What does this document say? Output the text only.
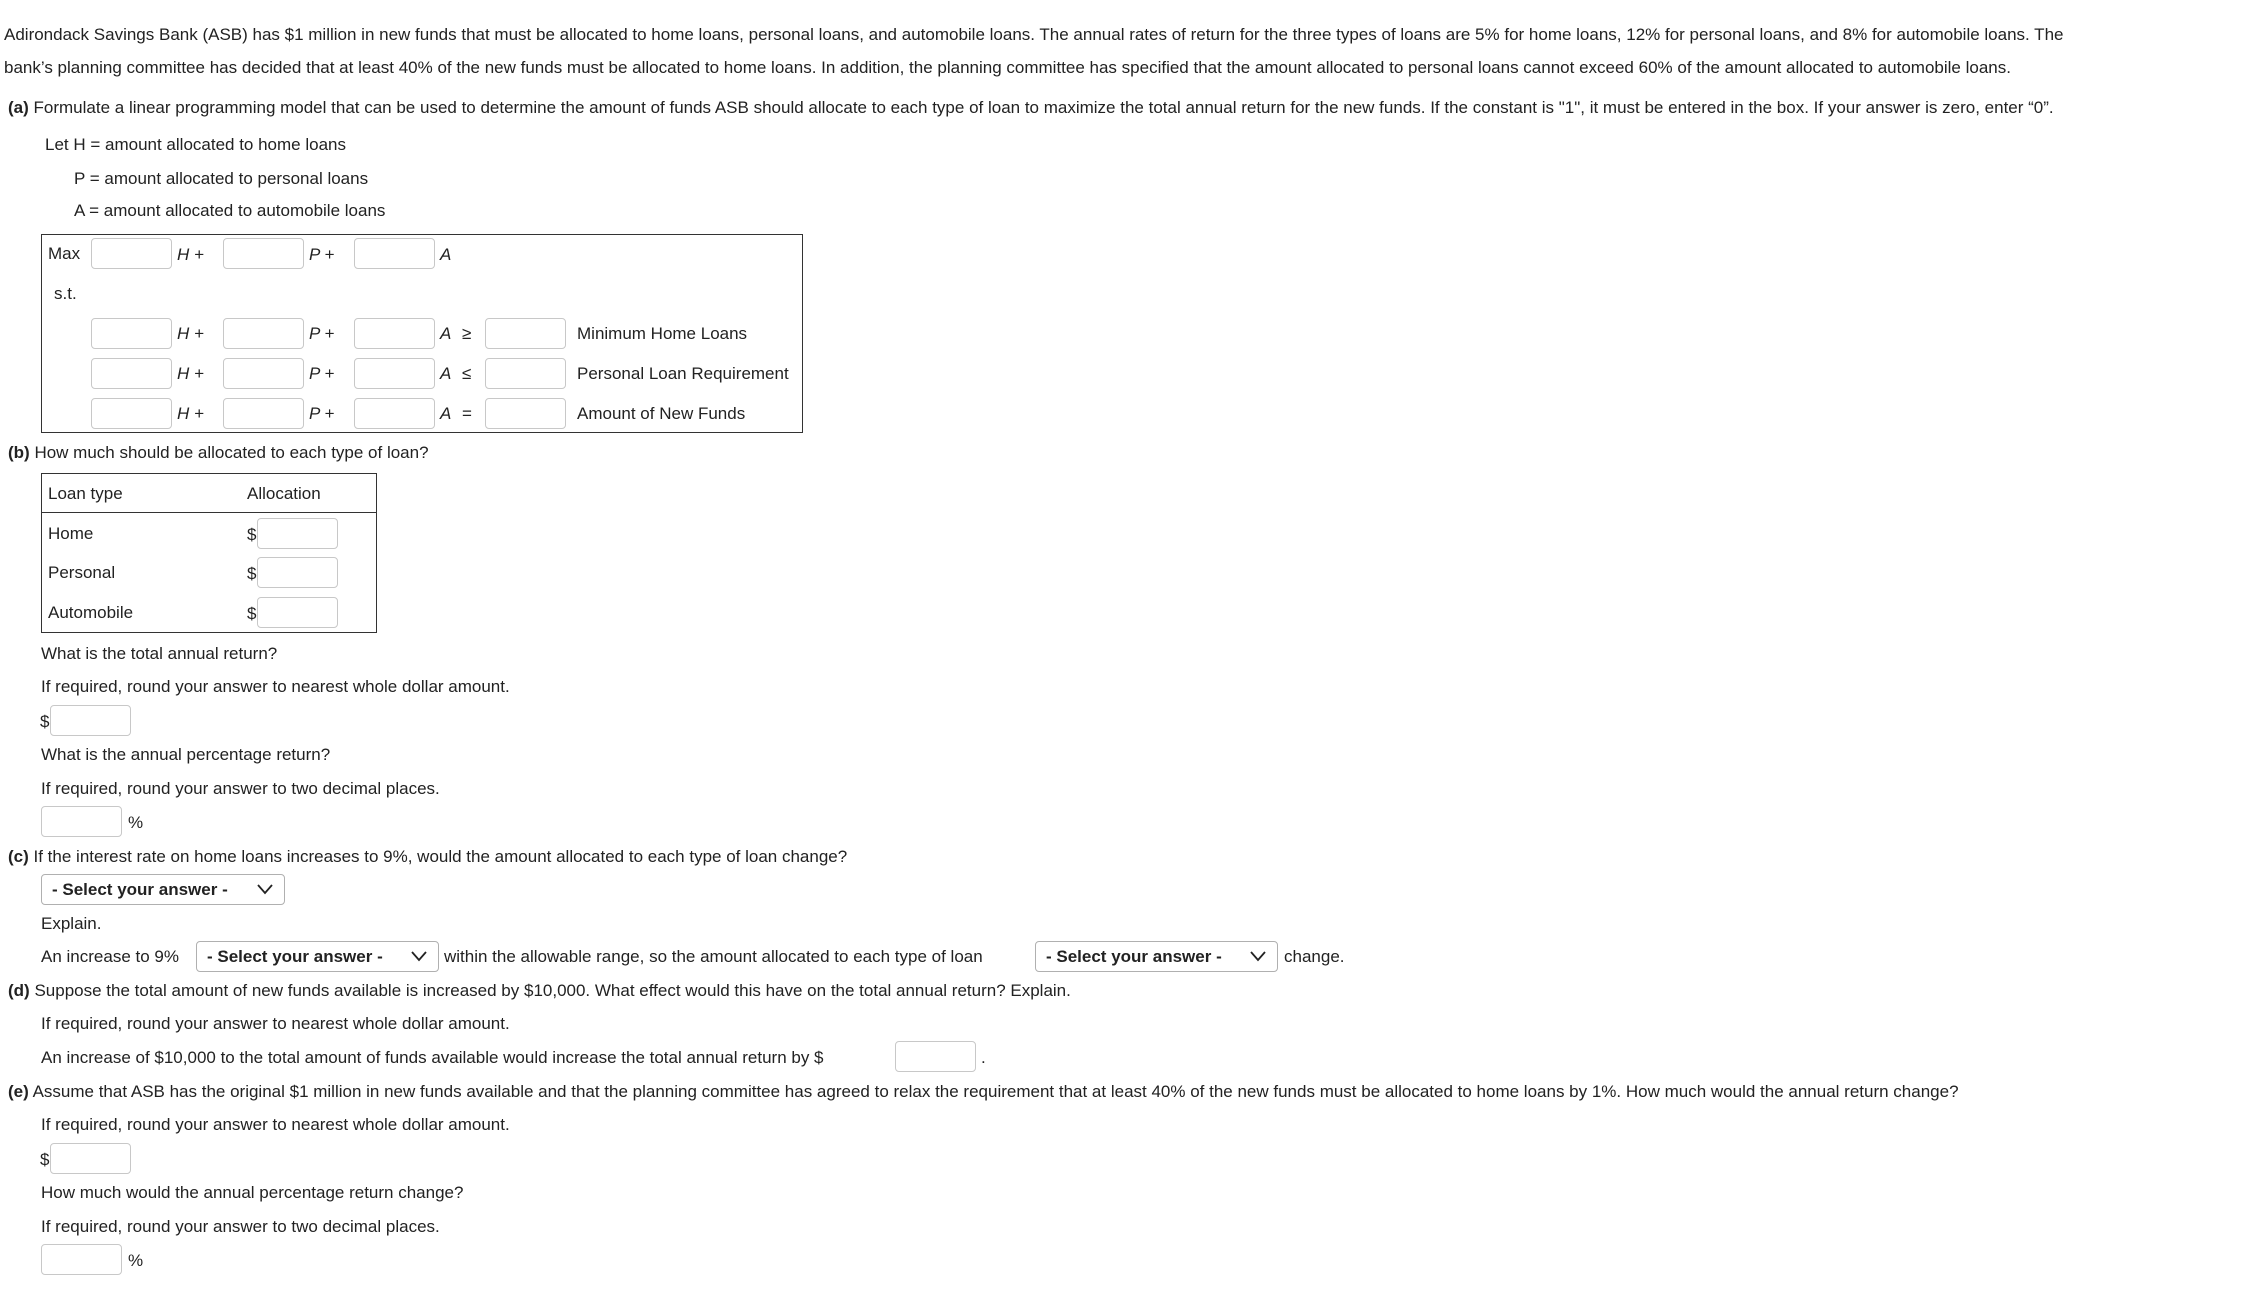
Adirondack Savings Bank (ASB) has $1 million in new funds that must be allocated to home loans, personal loans, and automobile loans. The annual rates of return for the three types of loans are 5% for home loans, 12% for personal loans, and 8% for automobile loans. The
bank’s planning committee has decided that at least 40% of the new funds must be allocated to home loans. In addition, the planning committee has specified that the amount allocated to personal loans cannot exceed 60% of the amount allocated to automobile loans.
(a) Formulate a linear programming model that can be used to determine the amount of funds ASB should allocate to each type of loan to maximize the total annual return for the new funds. If the constant is "1", it must be entered in the box. If your answer is zero, enter “0”.
Let H = amount allocated to home loans
P = amount allocated to personal loans
A = amount allocated to automobile loans
Max	H +	P +	A
s.t.
H +	P +	A ≥	Minimum Home Loans
H +	P +	A ≤	Personal Loan Requirement
H +	P +	A =	Amount of New Funds
(b) How much should be allocated to each type of loan?
Loan type	Allocation
Home	$
Personal	$
Automobile	$
What is the total annual return?
If required, round your answer to nearest whole dollar amount.
$
What is the annual percentage return?
If required, round your answer to two decimal places.
%
(c) If the interest rate on home loans increases to 9%, would the amount allocated to each type of loan change?
- Select your answer -
Explain.
An increase to 9%	- Select your answer -	within the allowable range, so the amount allocated to each type of loan	- Select your answer -	change.
(d) Suppose the total amount of new funds available is increased by $10,000. What effect would this have on the total annual return? Explain.
If required, round your answer to nearest whole dollar amount.
An increase of $10,000 to the total amount of funds available would increase the total annual return by $	.
(e) Assume that ASB has the original $1 million in new funds available and that the planning committee has agreed to relax the requirement that at least 40% of the new funds must be allocated to home loans by 1%. How much would the annual return change?
If required, round your answer to nearest whole dollar amount.
$
How much would the annual percentage return change?
If required, round your answer to two decimal places.
%
